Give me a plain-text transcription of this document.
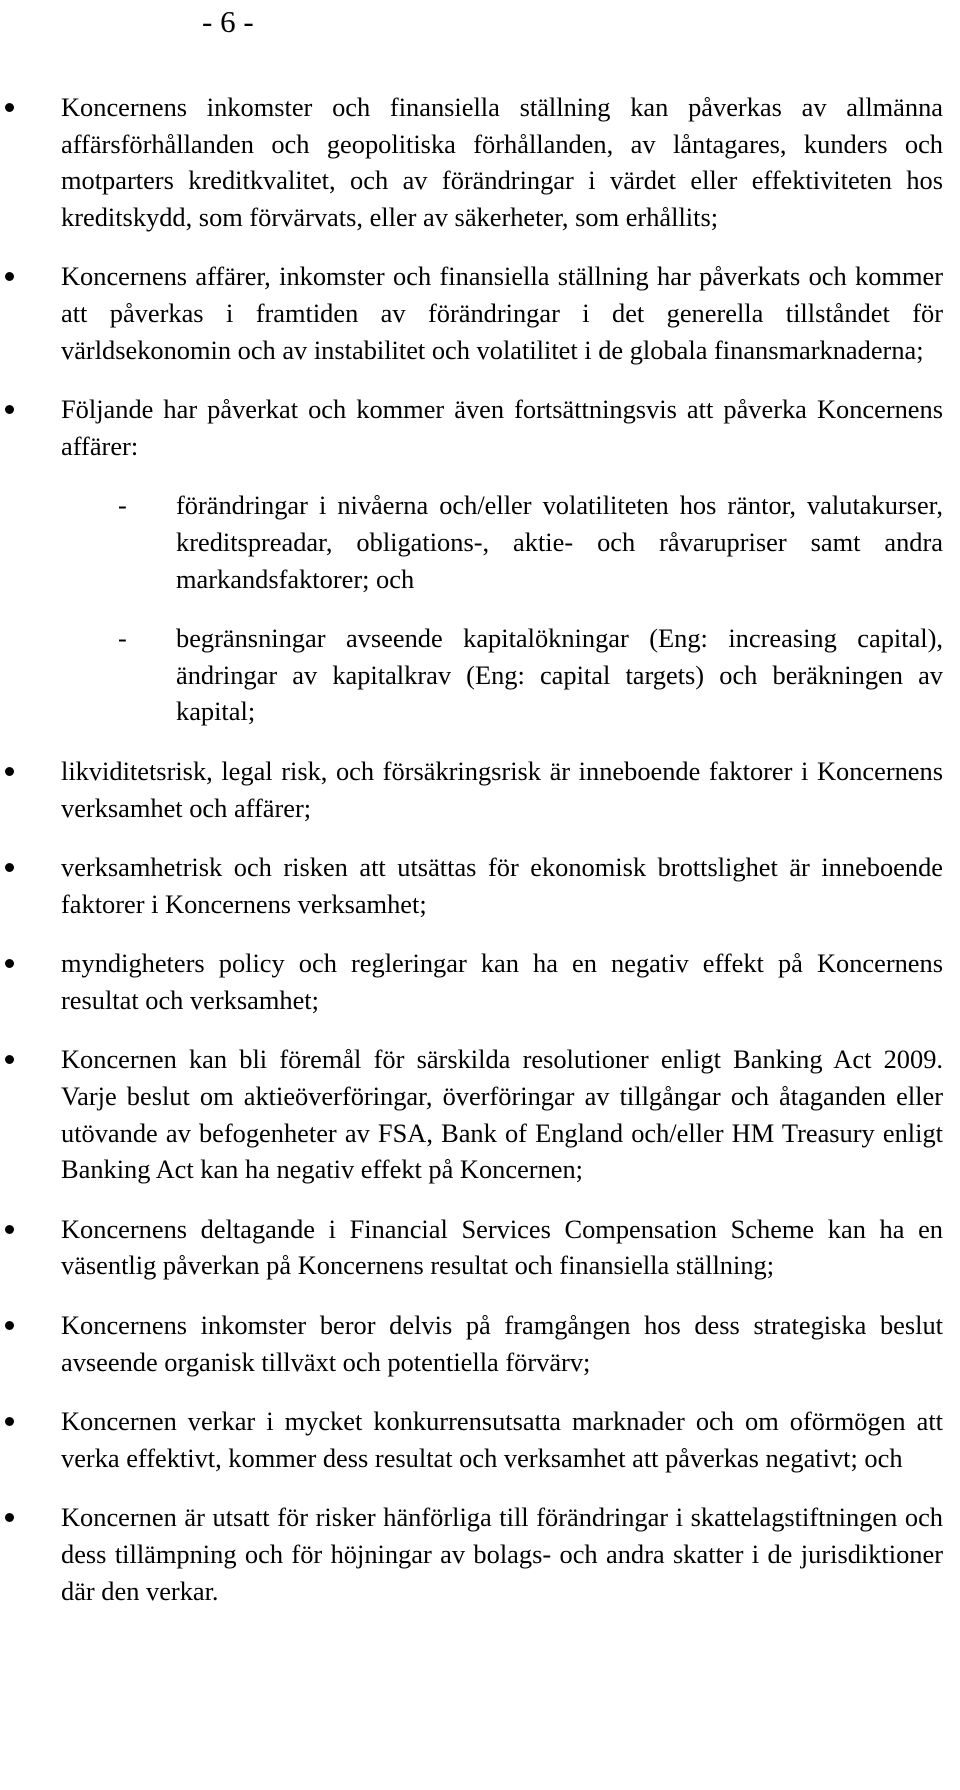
- 6 -
Koncernens inkomster och finansiella ställning kan påverkas av allmänna affärsförhållanden och geopolitiska förhållanden, av låntagares, kunders och motparters kreditkvalitet, och av förändringar i värdet eller effektiviteten hos kreditskydd, som förvärvats, eller av säkerheter, som erhållits;
Koncernens affärer, inkomster och finansiella ställning har påverkats och kommer att påverkas i framtiden av förändringar i det generella tillståndet för världsekonomin och av instabilitet och volatilitet i de globala finansmarknaderna;
Följande har påverkat och kommer även fortsättningsvis att påverka Koncernens affärer:
- förändringar i nivåerna och/eller volatiliteten hos räntor, valutakurser, kreditspreadar, obligations-, aktie- och råvarupriser samt andra markandsfaktorer; och
- begränsningar avseende kapitalökningar (Eng: increasing capital), ändringar av kapitalkrav (Eng: capital targets) och beräkningen av kapital;
likviditetsrisk, legal risk, och försäkringsrisk är inneboende faktorer i Koncernens verksamhet och affärer;
verksamhetrisk och risken att utsättas för ekonomisk brottslighet är inneboende faktorer i Koncernens verksamhet;
myndigheters policy och regleringar kan ha en negativ effekt på Koncernens resultat och verksamhet;
Koncernen kan bli föremål för särskilda resolutioner enligt Banking Act 2009. Varje beslut om aktieöverföringar, överföringar av tillgångar och åtaganden eller utövande av befogenheter av FSA, Bank of England och/eller HM Treasury enligt Banking Act kan ha negativ effekt på Koncernen;
Koncernens deltagande i Financial Services Compensation Scheme kan ha en väsentlig påverkan på Koncernens resultat och finansiella ställning;
Koncernens inkomster beror delvis på framgången hos dess strategiska beslut avseende organisk tillväxt och potentiella förvärv;
Koncernen verkar i mycket konkurrensutsatta marknader och om oförmögen att verka effektivt, kommer dess resultat och verksamhet att påverkas negativt; och
Koncernen är utsatt för risker hänförliga till förändringar i skattelagstiftningen och dess tillämpning och för höjningar av bolags- och andra skatter i de jurisdiktioner där den verkar.
